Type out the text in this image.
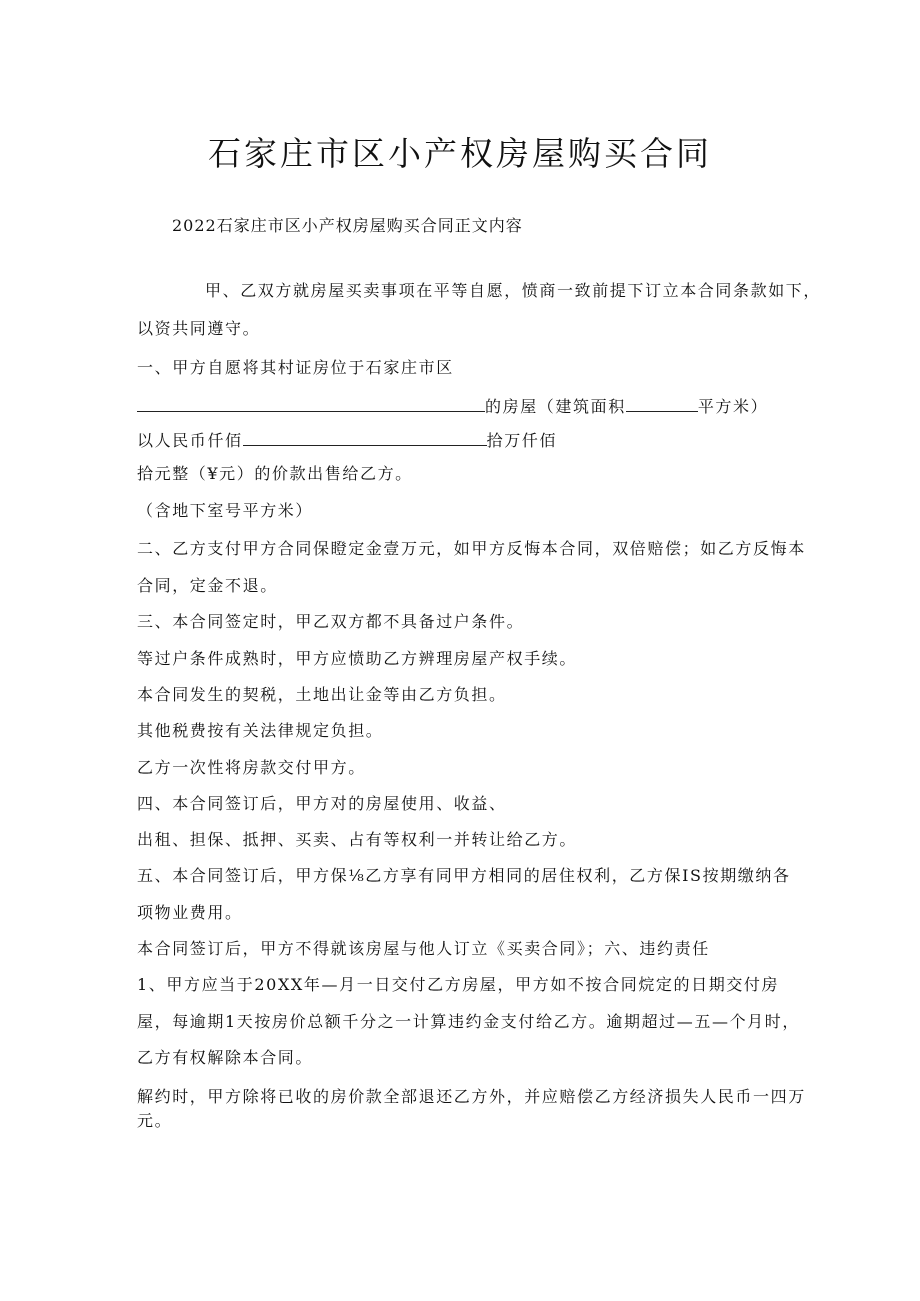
石家庄市区小产权房屋购买合同
2022石家庄市区小产权房屋购买合同正文内容
甲、乙双方就房屋买卖事项在平等自愿，愤商一致前提下订立本合同条款如下，
以资共同遵守。
一、甲方自愿将其村证房位于石家庄市区
的房屋（建筑面积	平方米）
以人民币仟佰	拾万仟佰
拾元整（¥元）的价款出售给乙方。
（含地下室号平方米）
二、乙方支付甲方合同保瞪定金壹万元，如甲方反悔本合同，双倍赔偿；如乙方反悔本
合同，定金不退。
三、本合同签定时，甲乙双方都不具备过户条件。
等过户条件成熟时，甲方应愤助乙方辨理房屋产权手续。
本合同发生的契税，土地出让金等由乙方负担。
其他税费按有关法律规定负担。
乙方一次性将房款交付甲方。
四、本合同签订后，甲方对的房屋使用、收益、
出租、担保、抵押、买卖、占有等权利一并转让给乙方。
五、本合同签订后，甲方保⅛乙方享有同甲方相同的居住权利，乙方保IS按期缴纳各
项物业费用。
本合同签订后，甲方不得就该房屋与他人订立《买卖合同》；六、违约责任
1、甲方应当于20XX年—月一日交付乙方房屋，甲方如不按合同烷定的日期交付房
屋，每逾期1天按房价总额千分之一计算违约金支付给乙方。逾期超过—五—个月时，
乙方有权解除本合同。
解约时，甲方除将已收的房价款全部退还乙方外，并应赔偿乙方经济损失人民币一四万
元。
